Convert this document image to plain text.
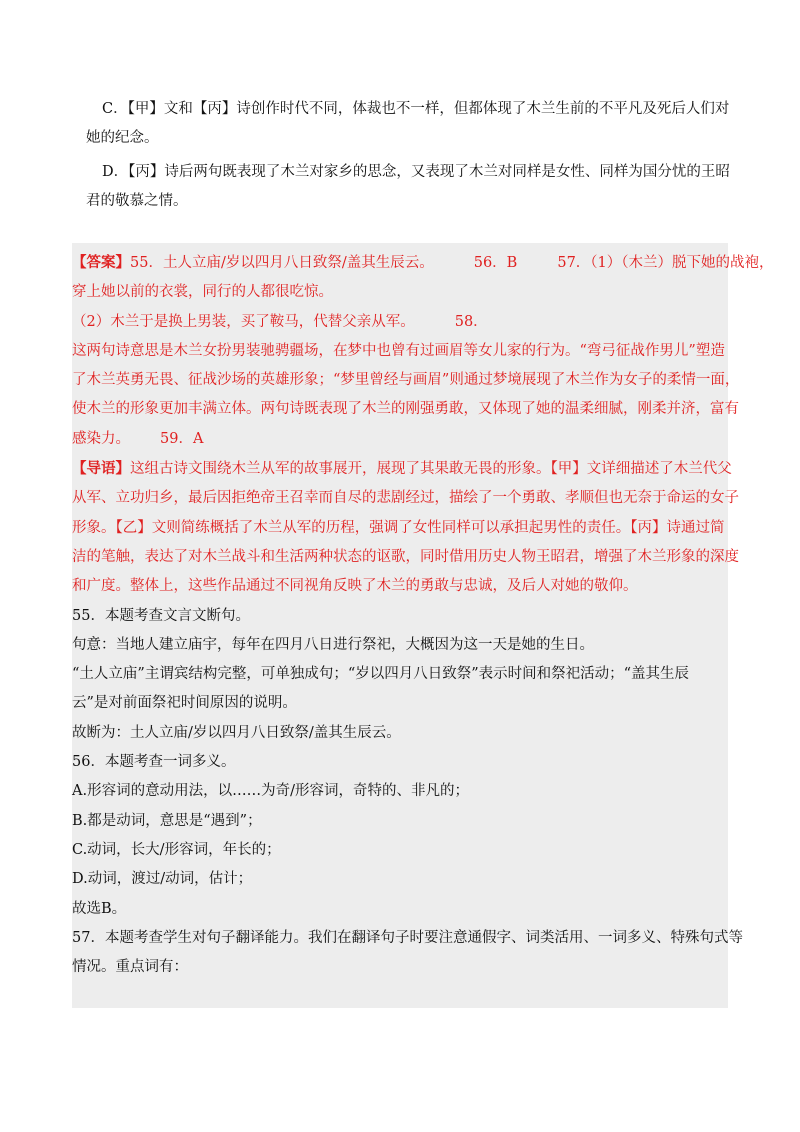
C．【甲】文和【丙】诗创作时代不同，体裁也不一样，但都体现了木兰生前的不平凡及死后人们对
她的纪念。
D．【丙】诗后两句既表现了木兰对家乡的思念，又表现了木兰对同样是女性、同样为国分忧的王昭
君的敬慕之情。
【答案】55．土人立庙/岁以四月八日致祭/盖其生辰云。	56．B	57．（1）（木兰）脱下她的战袍，
穿上她以前的衣裳，同行的人都很吃惊。
（2）木兰于是换上男装，买了鞍马，代替父亲从军。	58．
这两句诗意思是木兰女扮男装驰骋疆场，在梦中也曾有过画眉等女儿家的行为。“弯弓征战作男儿”塑造
了木兰英勇无畏、征战沙场的英雄形象；“梦里曾经与画眉”则通过梦境展现了木兰作为女子的柔情一面，
使木兰的形象更加丰满立体。两句诗既表现了木兰的刚强勇敢，又体现了她的温柔细腻，刚柔并济，富有
感染力。 59．A
【导语】这组古诗文围绕木兰从军的故事展开，展现了其果敢无畏的形象。【甲】文详细描述了木兰代父
从军、立功归乡，最后因拒绝帝王召幸而自尽的悲剧经过，描绘了一个勇敢、孝顺但也无奈于命运的女子
形象。【乙】文则简练概括了木兰从军的历程，强调了女性同样可以承担起男性的责任。【丙】诗通过简
洁的笔触，表达了对木兰战斗和生活两种状态的讴歌，同时借用历史人物王昭君，增强了木兰形象的深度
和广度。整体上，这些作品通过不同视角反映了木兰的勇敢与忠诚，及后人对她的敬仰。
55．本题考查文言文断句。
句意：当地人建立庙宇，每年在四月八日进行祭祀，大概因为这一天是她的生日。
“土人立庙”主谓宾结构完整，可单独成句；“岁以四月八日致祭”表示时间和祭祀活动；“盖其生辰
云”是对前面祭祀时间原因的说明。
故断为：土人立庙/岁以四月八日致祭/盖其生辰云。
56．本题考查一词多义。
A.形容词的意动用法，以……为奇/形容词，奇特的、非凡的；
B.都是动词，意思是“遇到”；
C.动词，长大/形容词，年长的；
D.动词，渡过/动词，估计；
故选B。
57．本题考查学生对句子翻译能力。我们在翻译句子时要注意通假字、词类活用、一词多义、特殊句式等
情况。重点词有：
